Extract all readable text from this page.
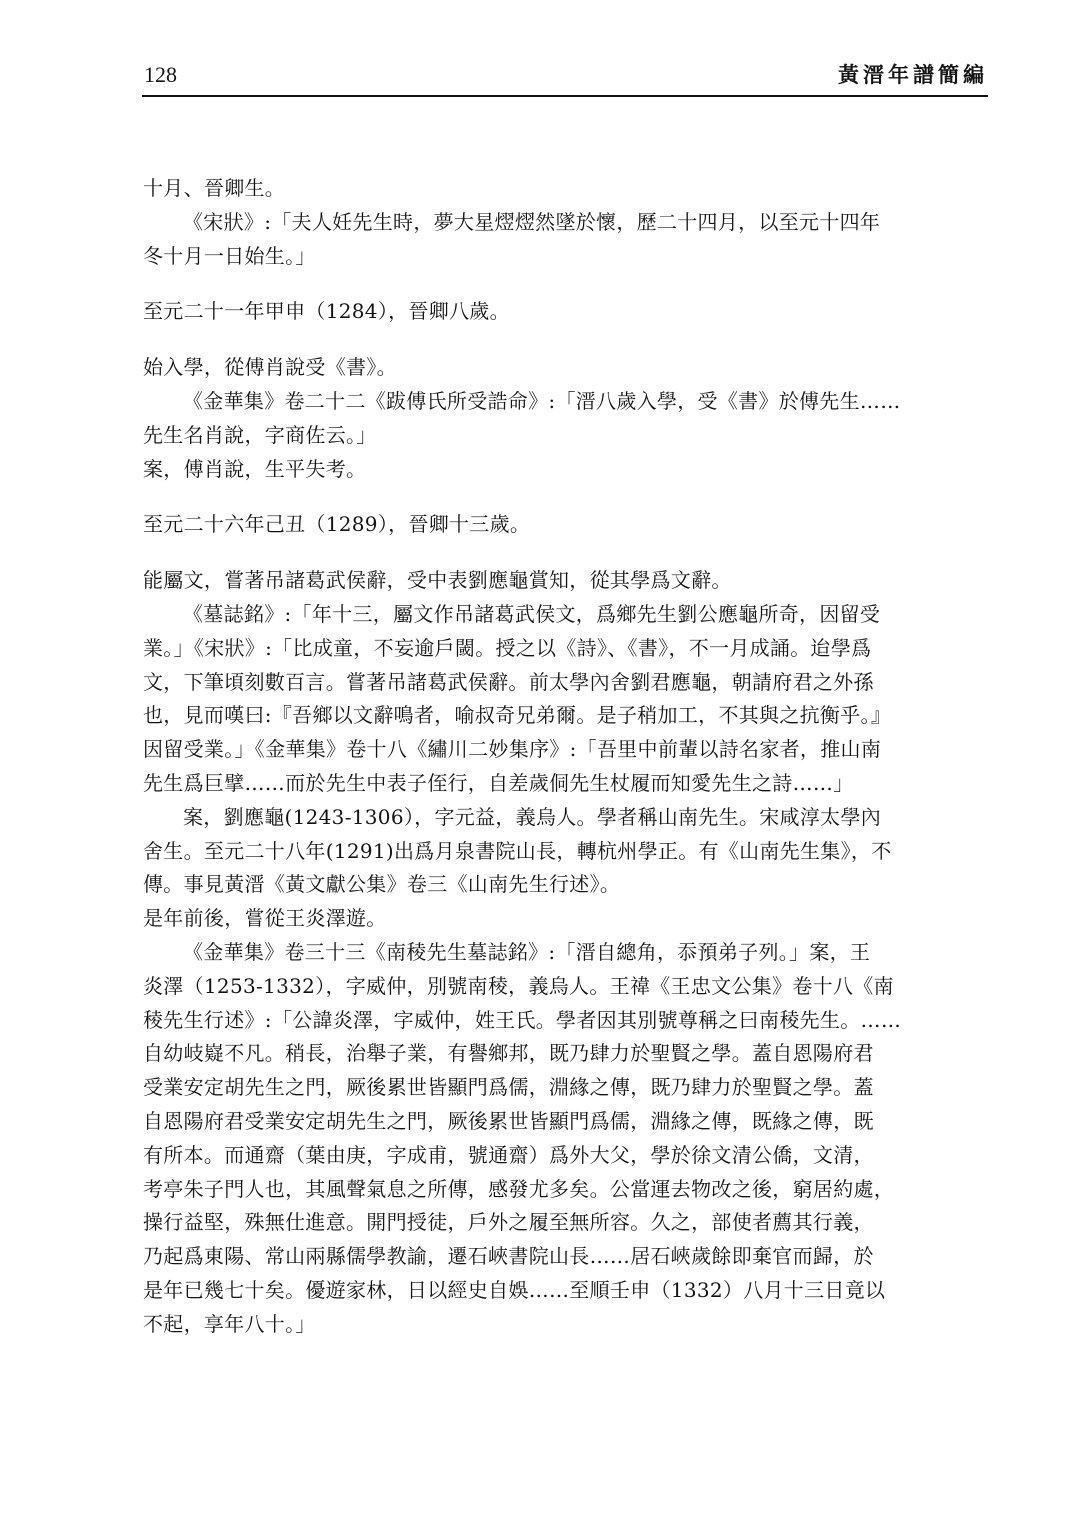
128	黃溍年譜簡編
十月、晉卿生。
《宋狀》:「夫人妊先生時，夢大星熤熤然墜於懷，歷二十四月，以至元十四年
冬十月一日始生。」
至元二十一年甲申（1284），晉卿八歲。
始入學，從傅肖說受《書》。
《金華集》卷二十二《跋傅氏所受誥命》:「溍八歲入學，受《書》於傅先生……
先生名肖說，字商佐云。」
案，傅肖說，生平失考。
至元二十六年己丑（1289），晉卿十三歲。
能屬文，嘗著吊諸葛武侯辭，受中表劉應龜賞知，從其學爲文辭。
《墓誌銘》:「年十三，屬文作吊諸葛武侯文，爲鄉先生劉公應龜所奇，因留受
業。」《宋狀》:「比成童，不妄逾戶閾。授之以《詩》、《書》，不一月成誦。迨學爲
文，下筆頃刻數百言。嘗著吊諸葛武侯辭。前太學內舍劉君應龜，朝請府君之外孫
也，見而嘆曰:『吾鄉以文辭鳴者，喻叔奇兄弟爾。是子稍加工，不其與之抗衡乎。』
因留受業。」《金華集》卷十八《繡川二妙集序》:「吾里中前輩以詩名家者，推山南
先生爲巨擘……而於先生中表子侄行，自差歲侗先生杖履而知愛先生之詩……」
案，劉應龜(1243-1306），字元益，義烏人。學者稱山南先生。宋咸淳太學內
舍生。至元二十八年(1291)出爲月泉書院山長，轉杭州學正。有《山南先生集》，不
傳。事見黃溍《黃文獻公集》卷三《山南先生行述》。
是年前後，嘗從王炎澤遊。
《金華集》卷三十三《南稜先生墓誌銘》:「溍自總角，忝預弟子列。」案，王
炎澤（1253-1332），字威仲，別號南稜，義烏人。王禕《王忠文公集》卷十八《南
稜先生行述》:「公諱炎澤，字威仲，姓王氏。學者因其別號尊稱之曰南稜先生。……
自幼岐嶷不凡。稍長，治舉子業，有譽鄉邦，既乃肆力於聖賢之學。蓋自恩陽府君
受業安定胡先生之門，厥後累世皆顯門爲儒，淵緣之傳，既乃肆力於聖賢之學。蓋
自恩陽府君受業安定胡先生之門，厥後累世皆顯門爲儒，淵緣之傳，既緣之傳，既
有所本。而通齋（葉由庚，字成甫，號通齋）爲外大父，學於徐文清公僑，文清，
考亭朱子門人也，其風聲氣息之所傳，感發尤多矣。公當運去物改之後，窮居約處，
操行益堅，殊無仕進意。開門授徒，戶外之履至無所容。久之，部使者薦其行義，
乃起爲東陽、常山兩縣儒學教諭，遷石峽書院山長……居石峽歲餘即棄官而歸，於
是年已幾七十矣。優遊家林，日以經史自娛……至順壬申（1332）八月十三日竟以
不起，享年八十。」
